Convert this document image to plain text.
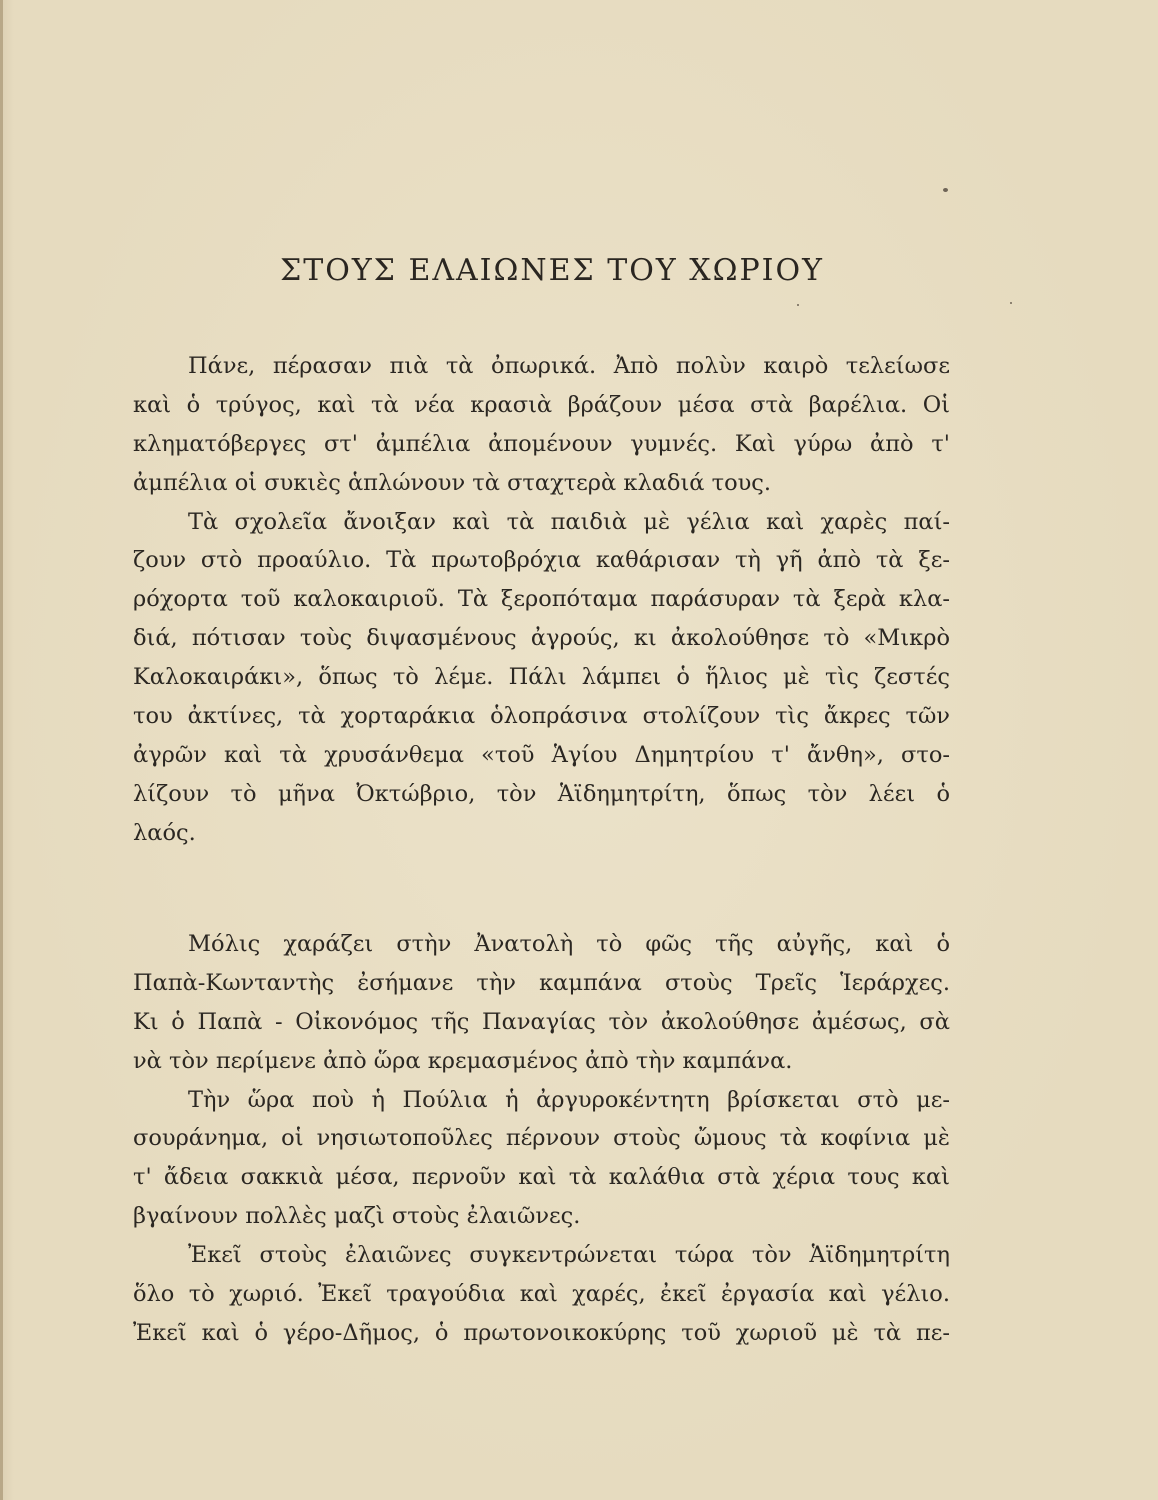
ΣΤΟΥΣ ΕΛΑΙΩΝΕΣ ΤΟΥ ΧΩΡΙΟΥ
Πάνε, πέρασαν πιὰ τὰ ὀπωρικά. Ἀπὸ πολὺν καιρὸ τελείωσε
καὶ ὁ τρύγος, καὶ τὰ νέα κρασιὰ βράζουν μέσα στὰ βαρέλια. Οἱ
κληματόβεργες στ' ἀμπέλια ἀπομένουν γυμνές. Καὶ γύρω ἀπὸ τ'
ἀμπέλια οἱ συκιὲς ἁπλώνουν τὰ σταχτερὰ κλαδιά τους.
Τὰ σχολεῖα ἄνοιξαν καὶ τὰ παιδιὰ μὲ γέλια καὶ χαρὲς παί-
ζουν στὸ προαύλιο. Τὰ πρωτοβρόχια καθάρισαν τὴ γῆ ἀπὸ τὰ ξε-
ρόχορτα τοῦ καλοκαιριοῦ. Τὰ ξεροπόταμα παράσυραν τὰ ξερὰ κλα-
διά, πότισαν τοὺς διψασμένους ἀγρούς, κι ἀκολούθησε τὸ «Μικρὸ
Καλοκαιράκι», ὅπως τὸ λέμε. Πάλι λάμπει ὁ ἥλιος μὲ τὶς ζεστές
του ἀκτίνες, τὰ χορταράκια ὁλοπράσινα στολίζουν τὶς ἄκρες τῶν
ἀγρῶν καὶ τὰ χρυσάνθεμα «τοῦ Ἁγίου Δημητρίου τ' ἄνθη», στο-
λίζουν τὸ μῆνα Ὀκτώβριο, τὸν Ἁϊδημητρίτη, ὅπως τὸν λέει ὁ
λαός.
Μόλις χαράζει στὴν Ἀνατολὴ τὸ φῶς τῆς αὐγῆς, καὶ ὁ
Παπὰ-Κωνταντὴς ἐσήμανε τὴν καμπάνα στοὺς Τρεῖς Ἱεράρχες.
Κι ὁ Παπὰ - Οἰκονόμος τῆς Παναγίας τὸν ἀκολούθησε ἀμέσως, σὰ
νὰ τὸν περίμενε ἀπὸ ὥρα κρεμασμένος ἀπὸ τὴν καμπάνα.
Τὴν ὥρα ποὺ ἡ Πούλια ἡ ἀργυροκέντητη βρίσκεται στὸ με-
σουράνημα, οἱ νησιωτοποῦλες πέρνουν στοὺς ὤμους τὰ κοφίνια μὲ
τ' ἄδεια σακκιὰ μέσα, περνοῦν καὶ τὰ καλάθια στὰ χέρια τους καὶ
βγαίνουν πολλὲς μαζὶ στοὺς ἐλαιῶνες.
Ἐκεῖ στοὺς ἐλαιῶνες συγκεντρώνεται τώρα τὸν Ἁϊδημητρίτη
ὅλο τὸ χωριό. Ἐκεῖ τραγούδια καὶ χαρές, ἐκεῖ ἐργασία καὶ γέλιο.
Ἐκεῖ καὶ ὁ γέρο-Δῆμος, ὁ πρωτονοικοκύρης τοῦ χωριοῦ μὲ τὰ πε-
